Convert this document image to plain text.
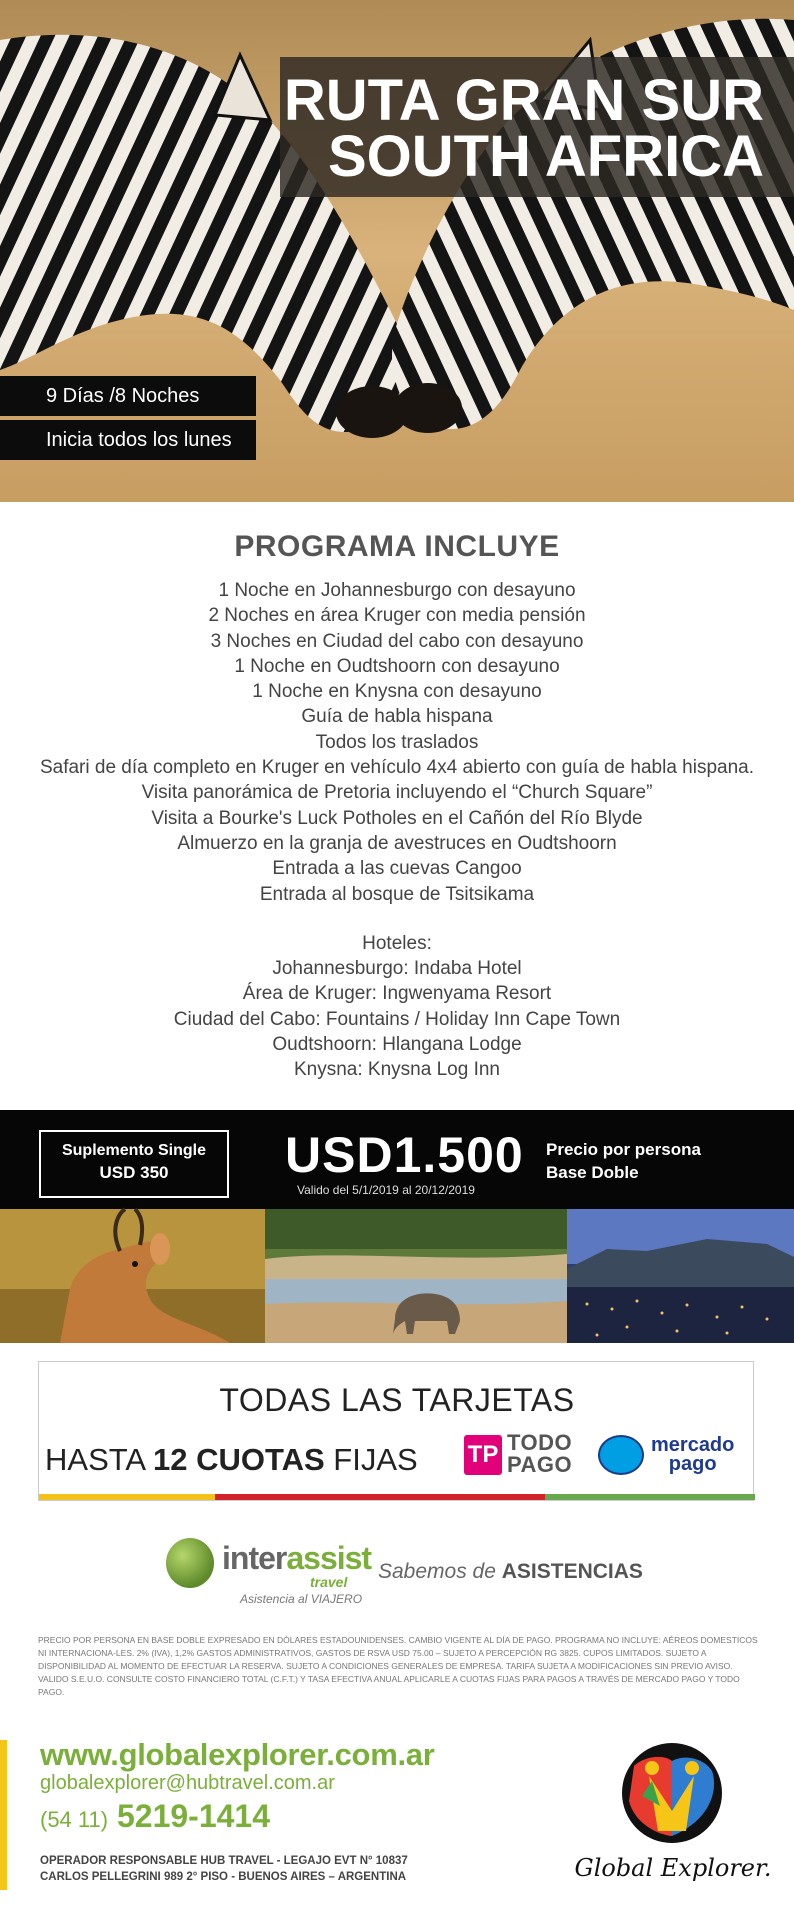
RUTA GRAN SUR
SOUTH AFRICA
9 Días /8 Noches
Inicia todos los lunes
PROGRAMA INCLUYE
1 Noche en Johannesburgo con desayuno
2 Noches en área Kruger con media pensión
3 Noches en Ciudad del cabo con desayuno
1 Noche en Oudtshoorn con desayuno
1 Noche en Knysna con desayuno
Guía de habla hispana
Todos los traslados
Safari de día completo en Kruger en vehículo 4x4 abierto con guía de habla hispana.
Visita panorámica de Pretoria incluyendo el “Church Square”
Visita a Bourke's Luck Potholes en el Cañón del Río Blyde
Almuerzo en la granja de avestruces en Oudtshoorn
Entrada a las cuevas Cangoo
Entrada al bosque de Tsitsikama
Hoteles:
Johannesburgo: Indaba Hotel
Área de Kruger: Ingwenyama Resort
Ciudad del Cabo: Fountains / Holiday Inn Cape Town
Oudtshoorn: Hlangana Lodge
Knysna: Knysna Log Inn
Suplemento Single
USD 350	USD1.500
Valido del 5/1/2019 al 20/12/2019
Precio por persona
Base Doble
TODAS LAS TARJETAS
HASTA 12 CUOTAS FIJAS TP TODO
PAGO
mercado
pago
interassist
travel
Asistencia al VIAJERO
Sabemos de ASISTENCIAS
PRECIO POR PERSONA EN BASE DOBLE EXPRESADO EN DÓLARES ESTADOUNIDENSES. CAMBIO VIGENTE AL DÍA DE PAGO. PROGRAMA NO INCLUYE: AÉREOS DOMESTICOS NI INTERNACIONA-LES. 2% (IVA), 1,2% GASTOS ADMINISTRATIVOS, GASTOS DE RSVA USD 75.00 – SUJETO A PERCEPCIÓN RG 3825. CUPOS LIMITADOS. SUJETO A DISPONIBILIDAD AL MOMENTO DE EFECTUAR LA RESERVA. SUJETO A CONDICIONES GENERALES DE EMPRESA. TARIFA SUJETA A MODIFICACIONES SIN PREVIO AVISO. VALIDO S.E.U.O. CONSULTE COSTO FINANCIERO TOTAL (C.F.T.) Y TASA EFECTIVA ANUAL APLICARLE A CUOTAS FIJAS PARA PAGOS A TRAVÉS DE MERCADO PAGO Y TODO PAGO.
www.globalexplorer.com.ar
globalexplorer@hubtravel.com.ar
(54 11) 5219-1414
OPERADOR RESPONSABLE HUB TRAVEL - LEGAJO EVT N° 10837
CARLOS PELLEGRINI 989 2° PISO - BUENOS AIRES – ARGENTINA	Global Explorer.
